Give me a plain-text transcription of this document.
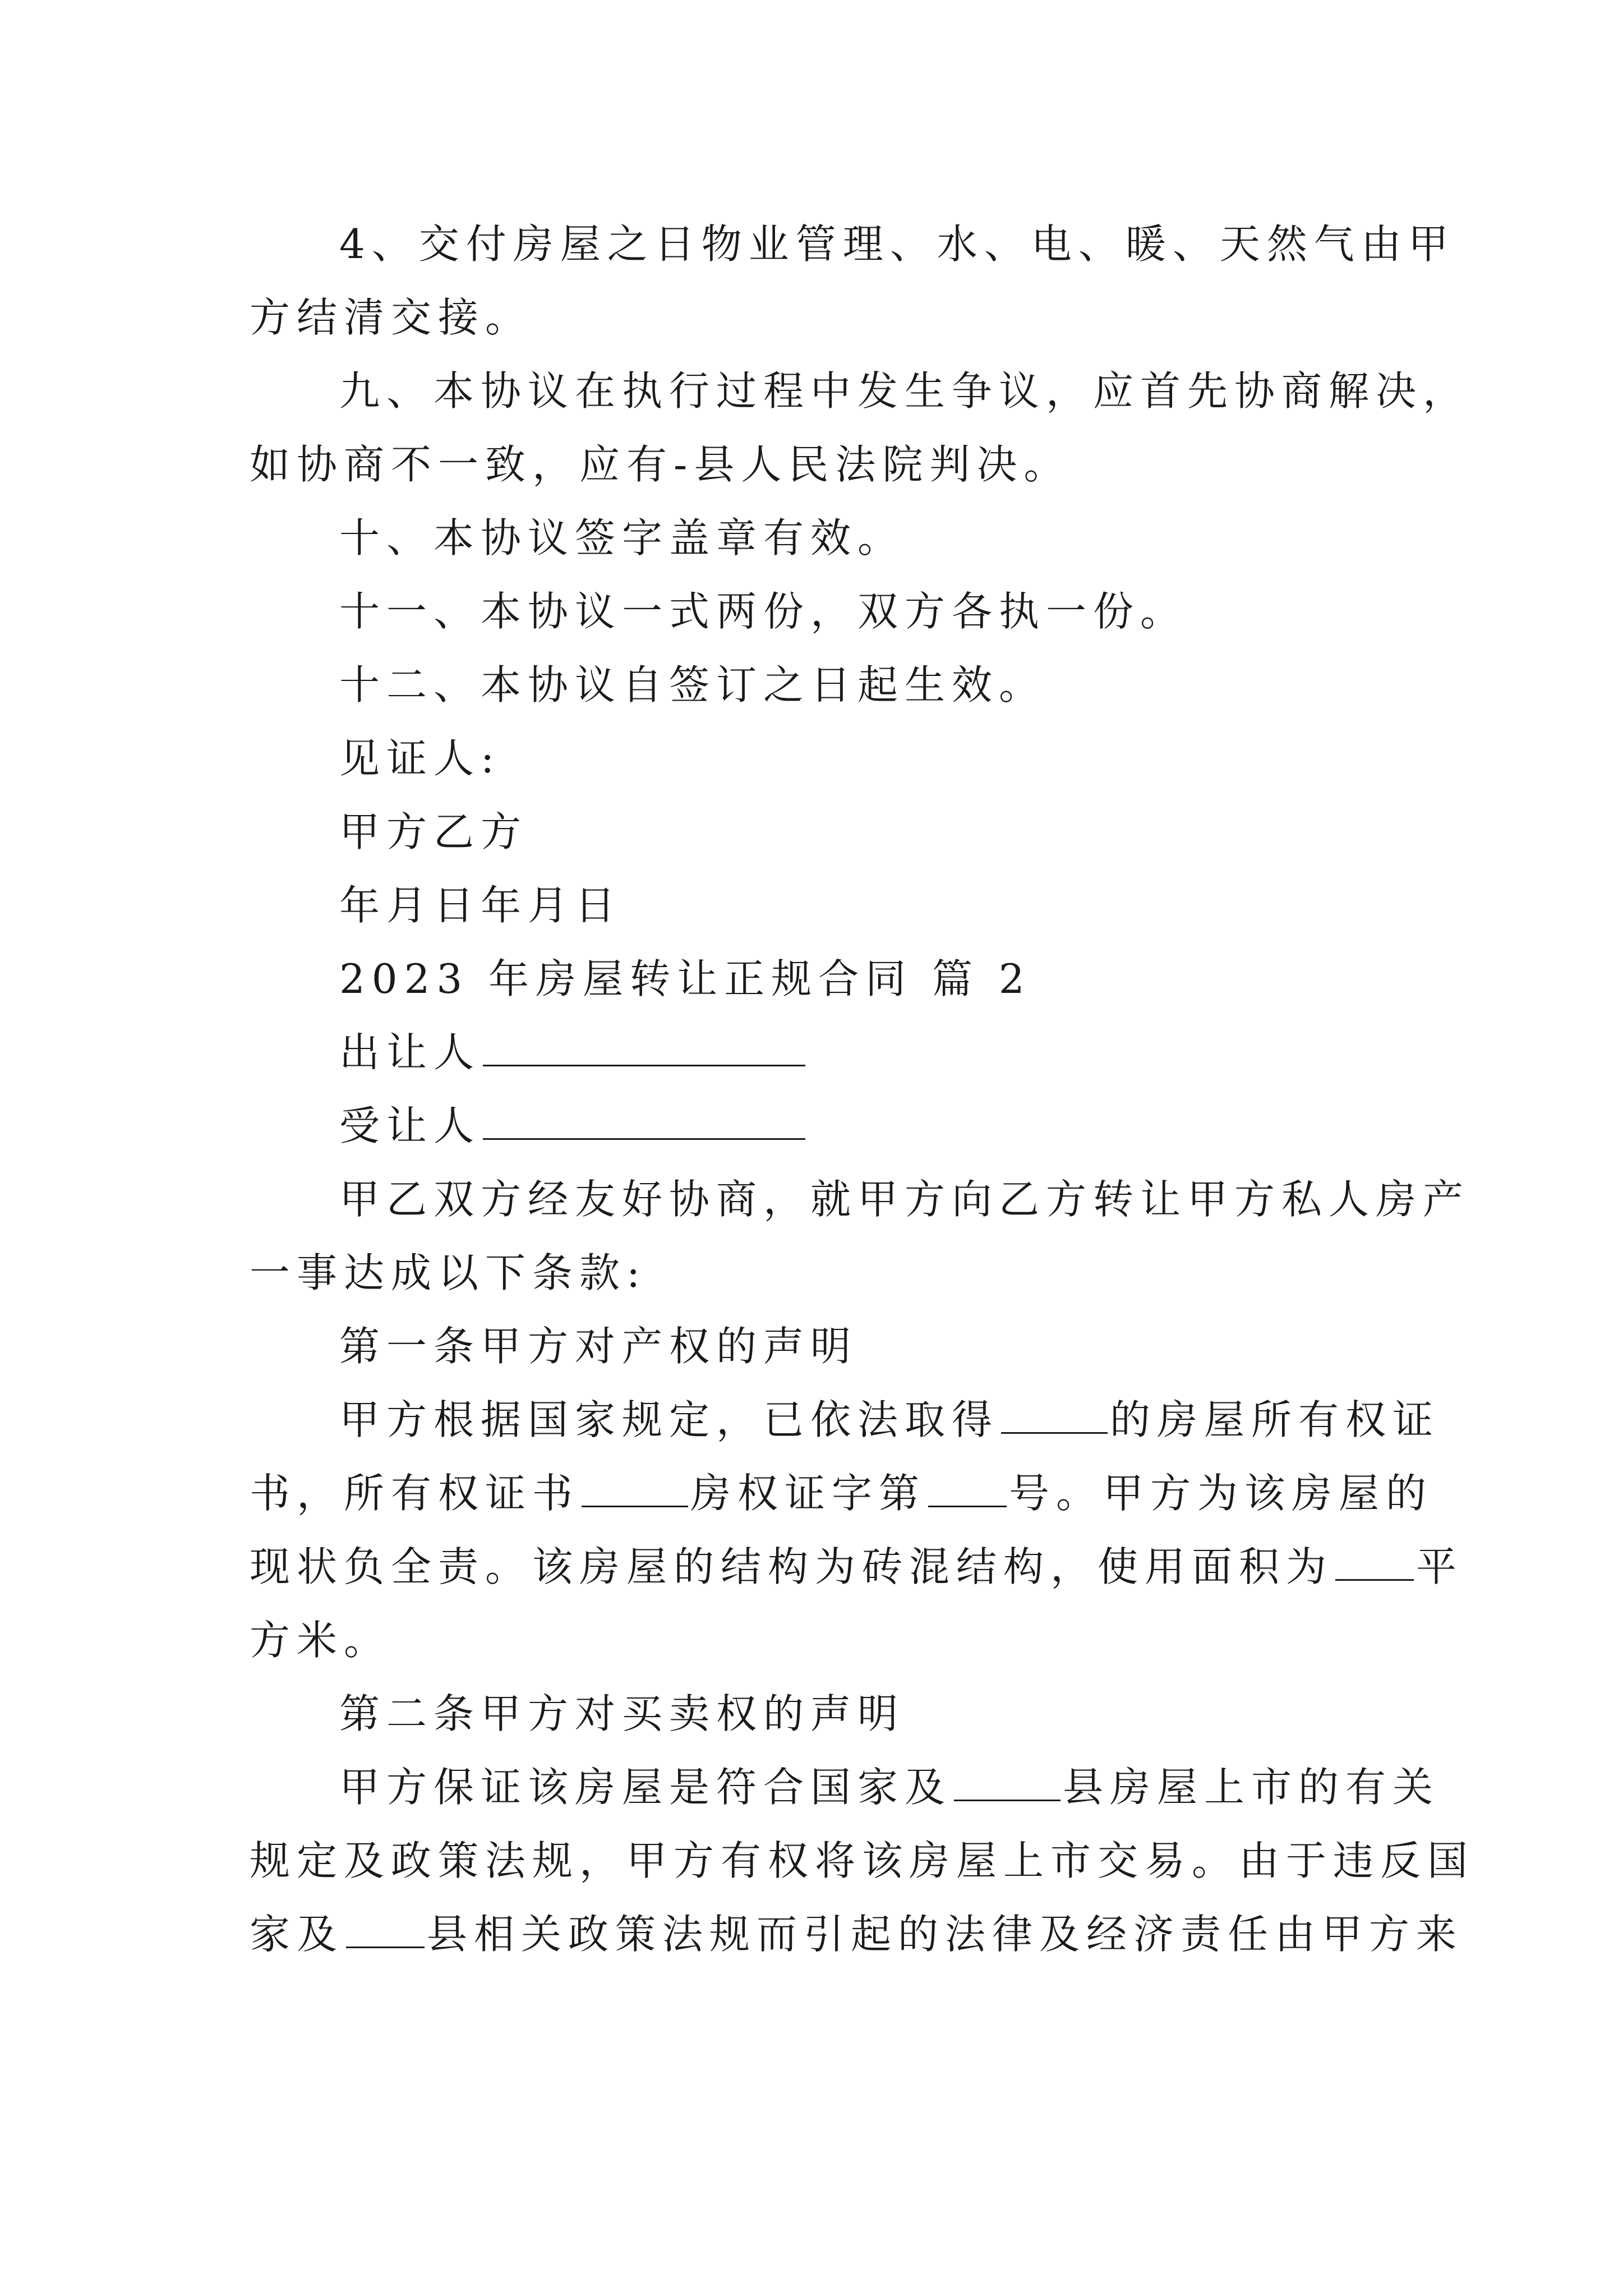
4、交付房屋之日物业管理、水、电、暖、天然气由甲
方结清交接。
九、本协议在执行过程中发生争议，应首先协商解决，
如协商不一致，应有-县人民法院判决。
十、本协议签字盖章有效。
十一、本协议一式两份，双方各执一份。
十二、本协议自签订之日起生效。
见证人:
甲方乙方
年月日年月日
2023 年房屋转让正规合同 篇 2
出让人
受让人
甲乙双方经友好协商，就甲方向乙方转让甲方私人房产
一事达成以下条款:
第一条甲方对产权的声明
甲方根据国家规定，已依法取得	的房屋所有权证
书，所有权证书	房权证字第 号。甲方为该房屋的
现状负全责。该房屋的结构为砖混结构，使用面积为 平
方米。
第二条甲方对买卖权的声明
甲方保证该房屋是符合国家及	县房屋上市的有关
规定及政策法规，甲方有权将该房屋上市交易。由于违反国
家及 县相关政策法规而引起的法律及经济责任由甲方来
